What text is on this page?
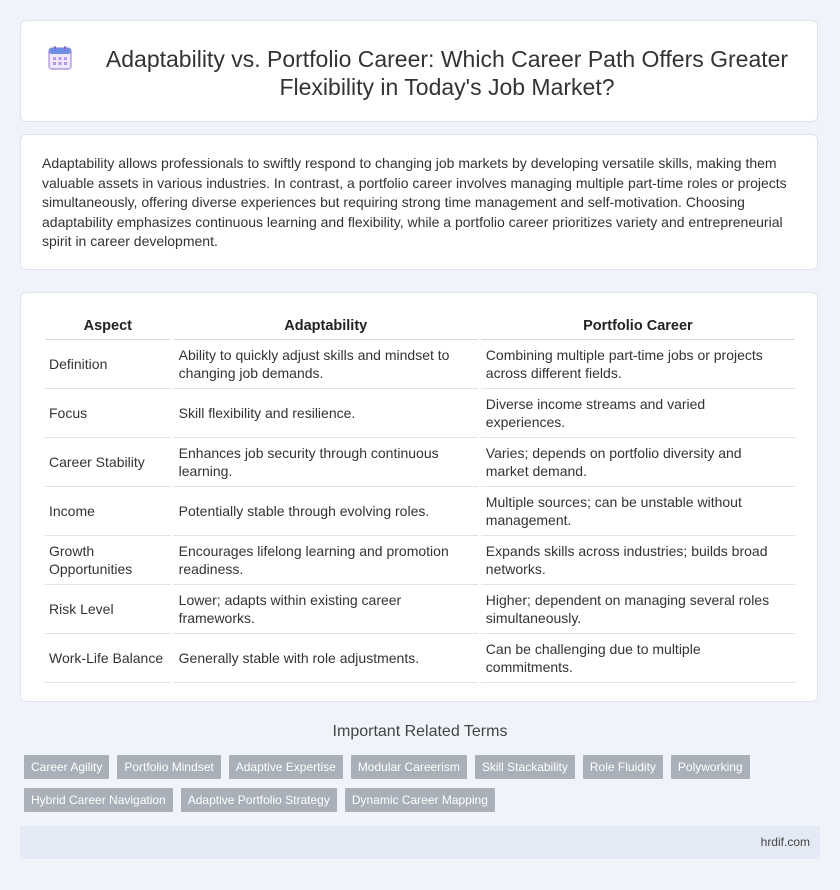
Adaptability vs. Portfolio Career: Which Career Path Offers Greater Flexibility in Today's Job Market?
Adaptability allows professionals to swiftly respond to changing job markets by developing versatile skills, making them valuable assets in various industries. In contrast, a portfolio career involves managing multiple part-time roles or projects simultaneously, offering diverse experiences but requiring strong time management and self-motivation. Choosing adaptability emphasizes continuous learning and flexibility, while a portfolio career prioritizes variety and entrepreneurial spirit in career development.
Aspect	Adaptability	Portfolio Career
Definition	Ability to quickly adjust skills and mindset to changing job demands.	Combining multiple part-time jobs or projects across different fields.
Focus	Skill flexibility and resilience.	Diverse income streams and varied experiences.
Career Stability	Enhances job security through continuous learning.	Varies; depends on portfolio diversity and market demand.
Income	Potentially stable through evolving roles.	Multiple sources; can be unstable without management.
Growth Opportunities	Encourages lifelong learning and promotion readiness.	Expands skills across industries; builds broad networks.
Risk Level	Lower; adapts within existing career frameworks.	Higher; dependent on managing several roles simultaneously.
Work-Life Balance	Generally stable with role adjustments.	Can be challenging due to multiple commitments.
Important Related Terms
Career Agility	Portfolio Mindset	Adaptive Expertise	Modular Careerism	Skill Stackability	Role Fluidity	Polyworking
Hybrid Career Navigation	Adaptive Portfolio Strategy	Dynamic Career Mapping
hrdif.com
